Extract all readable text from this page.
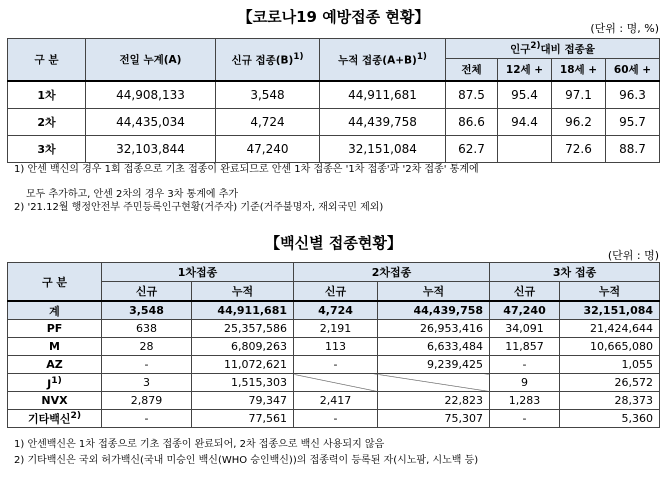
【코로나19 예방접종 현황】
(단위 : 명, %)
구 분	전일 누계(A)	신규 접종$(B)^{1)}$	누적 접종$(A+B)^{1)}$	인구$^{2)}$대비 접종율			
				전체	12세 +	18세 +	60세 +
1차	44,908,133	3,548	44,911,681	87.5	95.4	97.1	96.3
2차	44,435,034	4,724	44,439,758	86.6	94.4	96.2	95.7
3차	32,103,844	47,240	32,151,084	62.7		72.6	88.7
1) 안센 백신의 경우 1회 접종으로 기초 접종이 완료되므로 안센 1차 접종은 '1차 접종'과 '2차 접종' 통계에
모두 추가하고, 안센 2차의 경우 3차 통계에 추가
2) '21.12월 행정안전부 주민등록인구현황(거주자) 기준(거주불명자, 재외국민 제외)
【백신별 접종현황】
(단위 : 명)
구 분	1차접종		2차접종		3차 접종	
	신규	누적	신규	누적	신규	누적
계	3,548	44,911,681	4,724	44,439,758	47,240	32,151,084
PF	638	25,357,586	2,191	26,953,416	34,091	21,424,644
M	28	6,809,263	113	6,633,484	11,857	10,665,080
AZ	-	11,072,621	-	9,239,425	-	1,055
$J^{1)}$	3	1,515,303			9	26,572
NVX	2,879	79,347	2,417	22,823	1,283	28,373
기타백신$^{2)}$	-	77,561	-	75,307	-	5,360
1) 안센백신은 1차 접종으로 기초 접종이 완료되어, 2차 접종으로 백신 사용되지 않음
2) 기타백신은 국외 허가백신(국내 미승인 백신(WHO 승인백신))의 접종력이 등록된 자(시노팜, 시노백 등)
